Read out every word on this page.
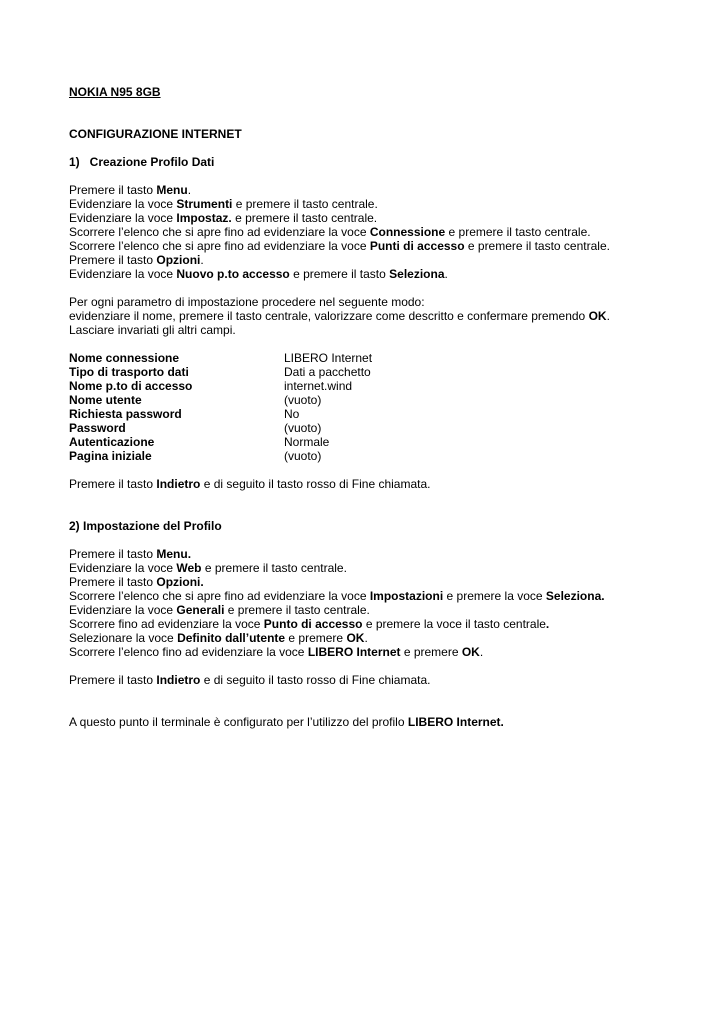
NOKIA N95 8GB
CONFIGURAZIONE INTERNET
1)   Creazione Profilo Dati
Premere il tasto Menu.
Evidenziare la voce Strumenti e premere il tasto centrale.
Evidenziare la voce Impostaz. e premere il tasto centrale.
Scorrere l’elenco che si apre fino ad evidenziare la voce Connessione e premere il tasto centrale.
Scorrere l’elenco che si apre fino ad evidenziare la voce Punti di accesso e premere il tasto centrale.
Premere il tasto Opzioni.
Evidenziare la voce Nuovo p.to accesso e premere il tasto Seleziona.
Per ogni parametro di impostazione procedere nel seguente modo:
evidenziare il nome, premere il tasto centrale, valorizzare come descritto e confermare premendo OK.
Lasciare invariati gli altri campi.
Nome connessione	LIBERO Internet
Tipo di trasporto dati	Dati a pacchetto
Nome p.to di accesso	internet.wind
Nome utente	(vuoto)
Richiesta password	No
Password	(vuoto)
Autenticazione	Normale
Pagina iniziale	(vuoto)
Premere il tasto Indietro e di seguito il tasto rosso di Fine chiamata.
2) Impostazione del Profilo
Premere il tasto Menu.
Evidenziare la voce Web e premere il tasto centrale.
Premere il tasto Opzioni.
Scorrere l’elenco che si apre fino ad evidenziare la voce Impostazioni e premere la voce Seleziona.
Evidenziare la voce Generali e premere il tasto centrale.
Scorrere fino ad evidenziare la voce Punto di accesso e premere la voce il tasto centrale.
Selezionare la voce Definito dall’utente e premere OK.
Scorrere l’elenco fino ad evidenziare la voce LIBERO Internet e premere OK.
Premere il tasto Indietro e di seguito il tasto rosso di Fine chiamata.
A questo punto il terminale è configurato per l’utilizzo del profilo LIBERO Internet.
